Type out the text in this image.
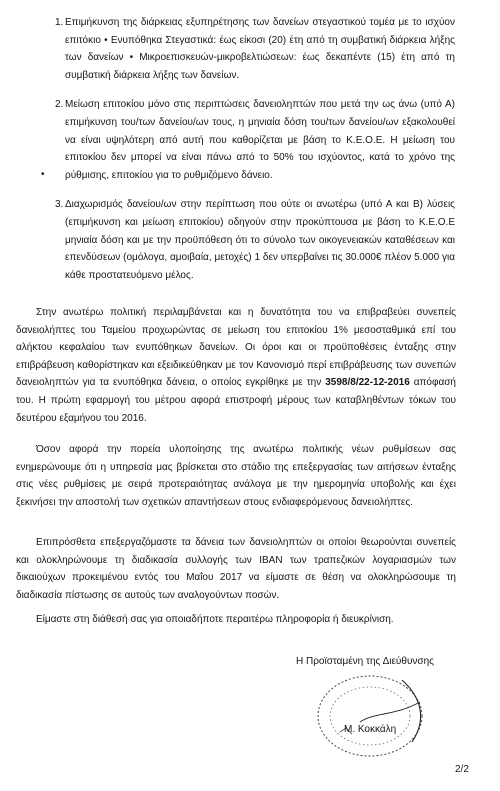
1. Επιμήκυνση της διάρκειας εξυπηρέτησης των δανείων στεγαστικού τομέα με το ισχύον επιτόκιο • Ενυπόθηκα Στεγαστικά: έως είκοσι (20) έτη από τη συμβατική διάρκεια λήξης των δανείων • Μικροεπισκευών-μικροβελτιώσεων: έως δεκαπέντε (15) έτη από τη συμβατική διάρκεια λήξης των δανείων.
2.
•
Μείωση επιτοκίου μόνο στις περιπτώσεις δανειοληπτών που μετά την ως άνω (υπό Α) επιμήκυνση του/των δανείου/ων τους, η μηνιαία δόση του/των δανείου/ων εξακολουθεί να είναι υψηλότερη από αυτή που καθορίζεται με βάση το Κ.Ε.Ο.Ε. Η μείωση του επιτοκίου δεν μπορεί να είναι πάνω από το 50% του ισχύοντος, κατά το χρόνο της ρύθμισης, επιτοκίου για το ρυθμιζόμενο δάνειο.
3. Διαχωρισμός δανείου/ων στην περίπτωση που ούτε οι ανωτέρω (υπό Α και Β) λύσεις (επιμήκυνση και μείωση επιτοκίου) οδηγούν στην προκύπτουσα με βάση το Κ.Ε.Ο.Ε μηνιαία δόση και με την προϋπόθεση ότι το σύνολο των οικογενειακών καταθέσεων και επενδύσεων (ομόλογα, αμοιβαία, μετοχές) 1 δεν υπερβαίνει τις 30.000€ πλέον 5.000 για κάθε προστατευόμενο μέλος.
Στην ανωτέρω πολιτική περιλαμβάνεται και η δυνατότητα του να επιβραβεύει συνεπείς δανειολήπτες του Ταμείου προχωρώντας σε μείωση του επιτοκίου 1% μεσοσταθμικά επί του αλήκτου κεφαλαίου των ενυπόθηκων δανείων. Οι όροι και οι προϋποθέσεις ένταξης στην επιβράβευση καθορίστηκαν και εξειδικεύθηκαν με τον Κανονισμό περί επιβράβευσης των συνεπών δανειοληπτών για τα ενυπόθηκα δάνεια, ο οποίος εγκρίθηκε με την 3598/8/22-12-2016 απόφασή του. Η πρώτη εφαρμογή του μέτρου αφορά επιστροφή μέρους των καταβληθέντων τόκων του δευτέρου εξαμήνου του 2016.
Όσον αφορά την πορεία υλοποίησης της ανωτέρω πολιτικής νέων ρυθμίσεων σας ενημερώνουμε ότι η υπηρεσία μας βρίσκεται στο στάδιο της επεξεργασίας των αιτήσεων ένταξης στις νέες ρυθμίσεις με σειρά προτεραιότητας ανάλογα με την ημερομηνία υποβολής και έχει ξεκινήσει την αποστολή των σχετικών απαντήσεων στους ενδιαφερόμενους δανειολήπτες.
Επιπρόσθετα επεξεργαζόμαστε τα δάνεια των δανειοληπτών οι οποίοι θεωρούνται συνεπείς και ολοκληρώνουμε τη διαδικασία συλλογής των IBAN των τραπεζικών λογαριασμών των δικαιούχων προκειμένου εντός του Μαΐου 2017 να είμαστε σε θέση να ολοκληρώσουμε τη διαδικασία πίστωσης σε αυτούς των αναλογούντων ποσών.
Είμαστε στη διάθεσή σας για οποιαδήποτε περαιτέρω πληροφορία ή διευκρίνιση.
Η Προϊσταμένη της Διεύθυνσης
Μ. Κοκκάλη
2/2
